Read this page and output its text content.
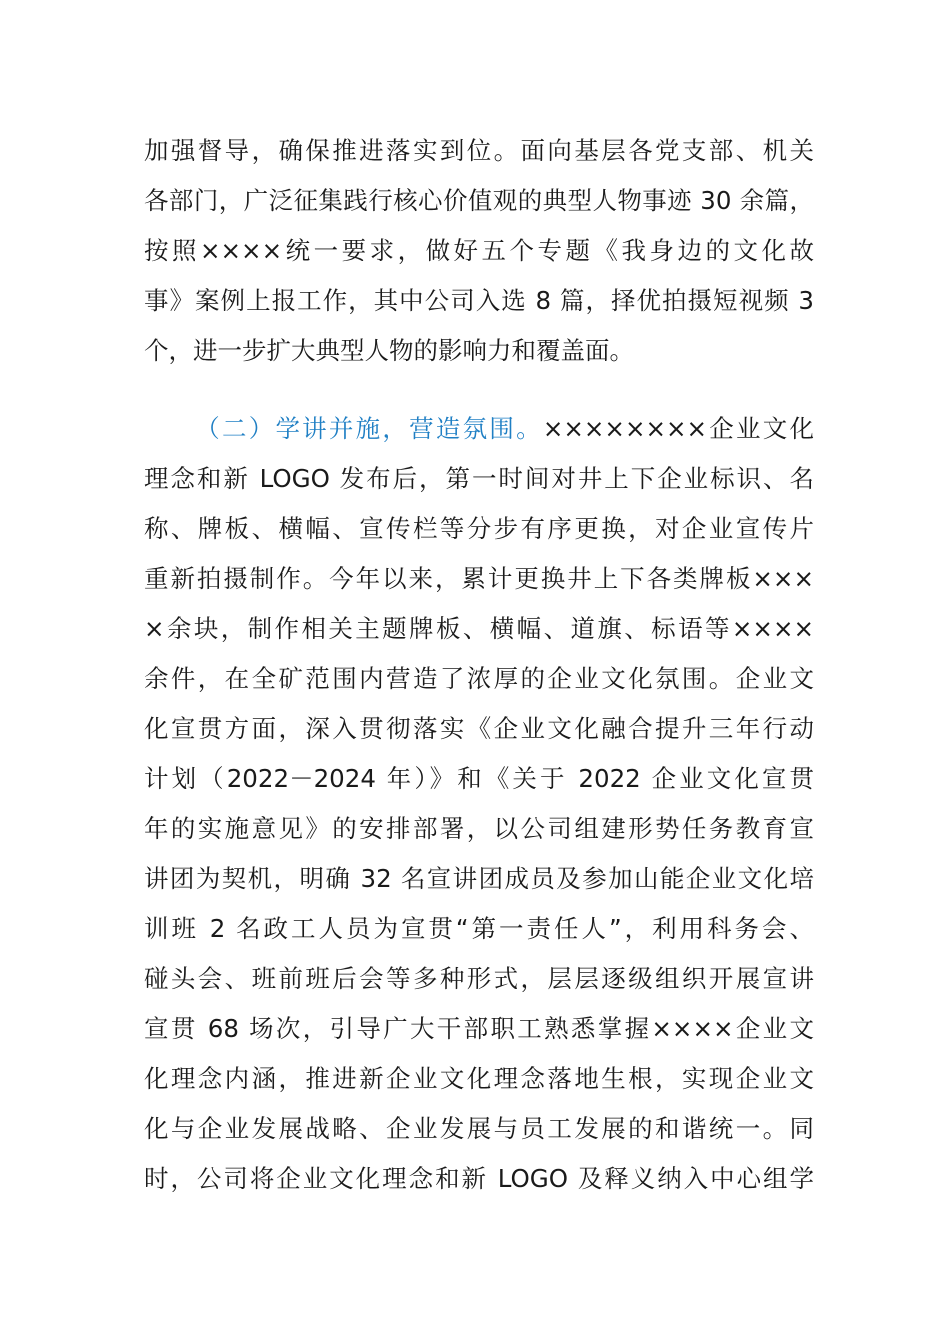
加强督导，确保推进落实到位。面向基层各党支部、机关
各部门，广泛征集践行核心价值观的典型人物事迹 30 余篇，
按照××××统一要求，做好五个专题《我身边的文化故
事》案例上报工作，其中公司入选 8 篇，择优拍摄短视频 3
个，进一步扩大典型人物的影响力和覆盖面。
（二）学讲并施，营造氛围。××××××××企业文化
理念和新 LOGO 发布后，第一时间对井上下企业标识、名
称、牌板、横幅、宣传栏等分步有序更换，对企业宣传片
重新拍摄制作。今年以来，累计更换井上下各类牌板×××
×余块，制作相关主题牌板、横幅、道旗、标语等××××
余件，在全矿范围内营造了浓厚的企业文化氛围。企业文
化宣贯方面，深入贯彻落实《企业文化融合提升三年行动
计划（2022－2024 年）》和《关于 2022 企业文化宣贯
年的实施意见》的安排部署，以公司组建形势任务教育宣
讲团为契机，明确 32 名宣讲团成员及参加山能企业文化培
训班 2 名政工人员为宣贯“第一责任人”，利用科务会、
碰头会、班前班后会等多种形式，层层逐级组织开展宣讲
宣贯 68 场次，引导广大干部职工熟悉掌握××××企业文
化理念内涵，推进新企业文化理念落地生根，实现企业文
化与企业发展战略、企业发展与员工发展的和谐统一。同
时，公司将企业文化理念和新 LOGO 及释义纳入中心组学
